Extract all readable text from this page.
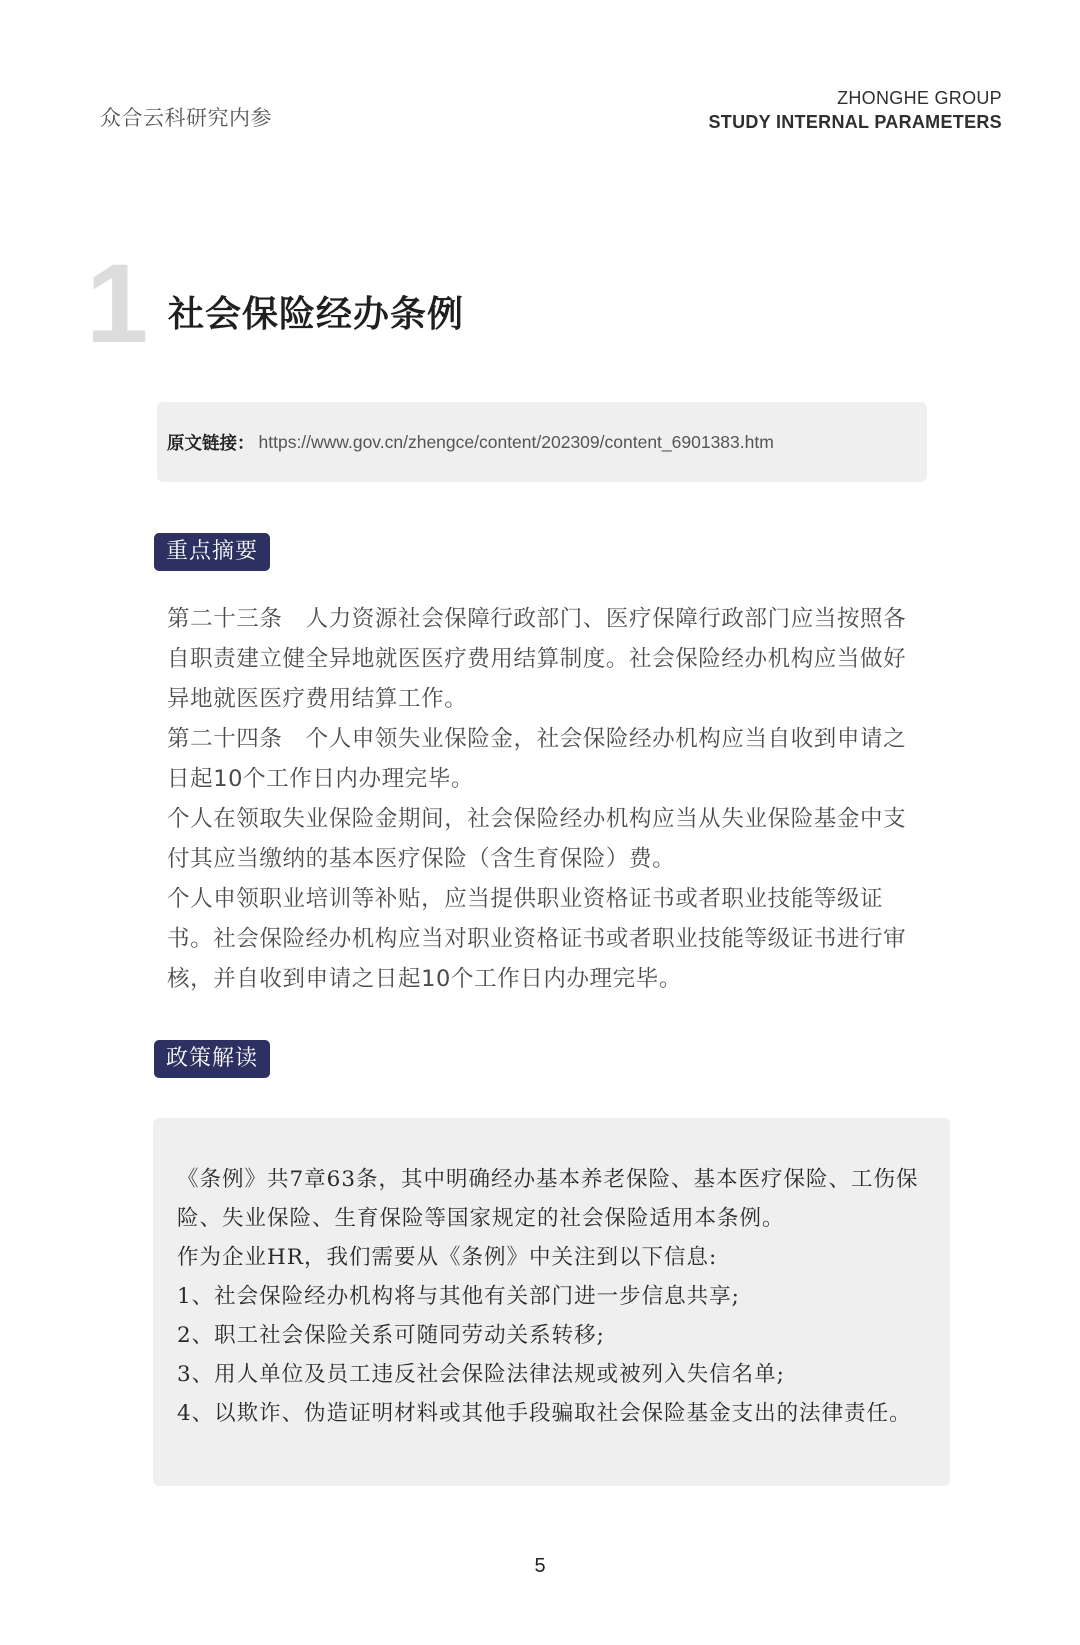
众合云科研究内参
ZHONGHE GROUP
STUDY INTERNAL PARAMETERS
1 社会保险经办条例
原文链接： https://www.gov.cn/zhengce/content/202309/content_6901383.htm
重点摘要

第二十三条　人力资源社会保障行政部门、医疗保障行政部门应当按照各自职责建立健全异地就医医疗费用结算制度。社会保险经办机构应当做好异地就医医疗费用结算工作。

第二十四条　个人申领失业保险金，社会保险经办机构应当自收到申请之日起10个工作日内办理完毕。

个人在领取失业保险金期间，社会保险经办机构应当从失业保险基金中支付其应当缴纳的基本医疗保险（含生育保险）费。

个人申领职业培训等补贴，应当提供职业资格证书或者职业技能等级证书。社会保险经办机构应当对职业资格证书或者职业技能等级证书进行审核，并自收到申请之日起10个工作日内办理完毕。

政策解读

《条例》共7章63条，其中明确经办基本养老保险、基本医疗保险、工伤保险、失业保险、生育保险等国家规定的社会保险适用本条例。

作为企业HR，我们需要从《条例》中关注到以下信息:

1、社会保险经办机构将与其他有关部门进一步信息共享;

2、职工社会保险关系可随同劳动关系转移;

3、用人单位及员工违反社会保险法律法规或被列入失信名单;

4、以欺诈、伪造证明材料或其他手段骗取社会保险基金支出的法律责任。

5
